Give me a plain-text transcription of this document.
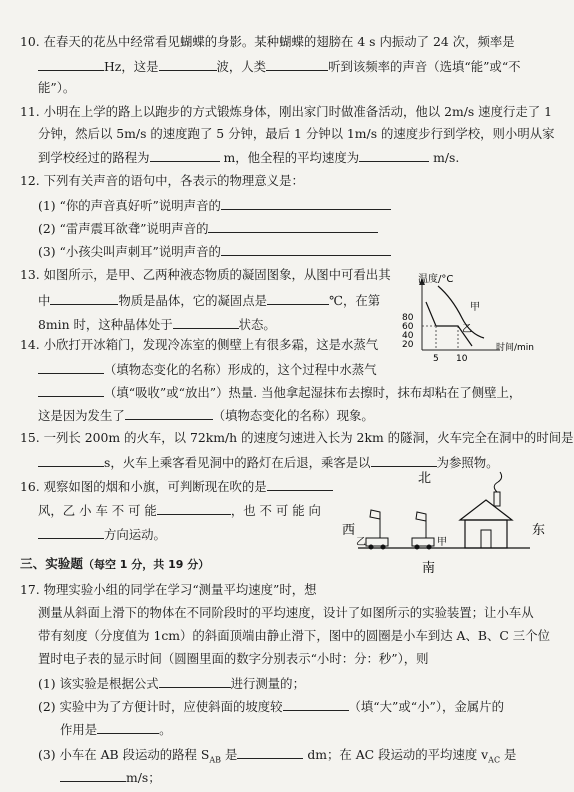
10. 在春天的花丛中经常看见蝴蝶的身影。某种蝴蝶的翅膀在 4 s 内振动了 24 次，频率是
Hz，这是	波，人类	听到该频率的声音（选填“能”或“不
能”）。
11. 小明在上学的路上以跑步的方式锻炼身体，刚出家门时做准备活动，他以 2m/s 速度行走了 1
分钟，然后以 5m/s 的速度跑了 5 分钟，最后 1 分钟以 1m/s 的速度步行到学校，则小明从家
到学校经过的路程为	m，他全程的平均速度为	m/s.
12. 下列有关声音的语句中，各表示的物理意义是：
(1) “你的声音真好听”说明声音的
(2) “雷声震耳欲聋”说明声音的
(3) “小孩尖叫声刺耳”说明声音的
13. 如图所示，是甲、乙两种液态物质的凝固图象，从图中可看出其
中	物质是晶体，它的凝固点是	℃，在第
8min 时，这种晶体处于	状态。
温度/°C
时间/min
80
60
40
20
5 10
甲
乙
14. 小欣打开冰箱门，发现冷冻室的侧壁上有很多霜，这是水蒸气
（填物态变化的名称）形成的，这个过程中水蒸气
（填“吸收”或“放出”）热量. 当他拿起湿抹布去擦时，抹布却粘在了侧壁上，
这是因为发生了	（填物态变化的名称）现象。
15. 一列长 200m 的火车，以 72km/h 的速度匀速进入长为 2km 的隧洞，火车完全在洞中的时间是
s，火车上乘客看见洞中的路灯在后退，乘客是以	为参照物。
16. 观察如图的烟和小旗，可判断现在吹的是
风，乙 小 车 不 可 能	，也 不 可 能 向
方向运动。
北
南
西	东
乙	甲
三、实验题（每空 1 分，共 19 分）
17. 物理实验小组的同学在学习“测量平均速度”时，想
测量从斜面上滑下的物体在不同阶段时的平均速度，设计了如图所示的实验装置；让小车从
带有刻度（分度值为 1cm）的斜面顶端由静止滑下，图中的圆圈是小车到达 A、B、C 三个位
置时电子表的显示时间（圆圈里面的数字分别表示“小时：分：秒”），则
(1) 该实验是根据公式	进行测量的；
(2) 实验中为了方便计时，应使斜面的坡度较	（填“大”或“小”），金属片的
作用是	。
(3) 小车在 AB 段运动的路程 $S_{AB}$ 是	dm；在 AC 段运动的平均速度 $v_{AC}$ 是
m/s；
